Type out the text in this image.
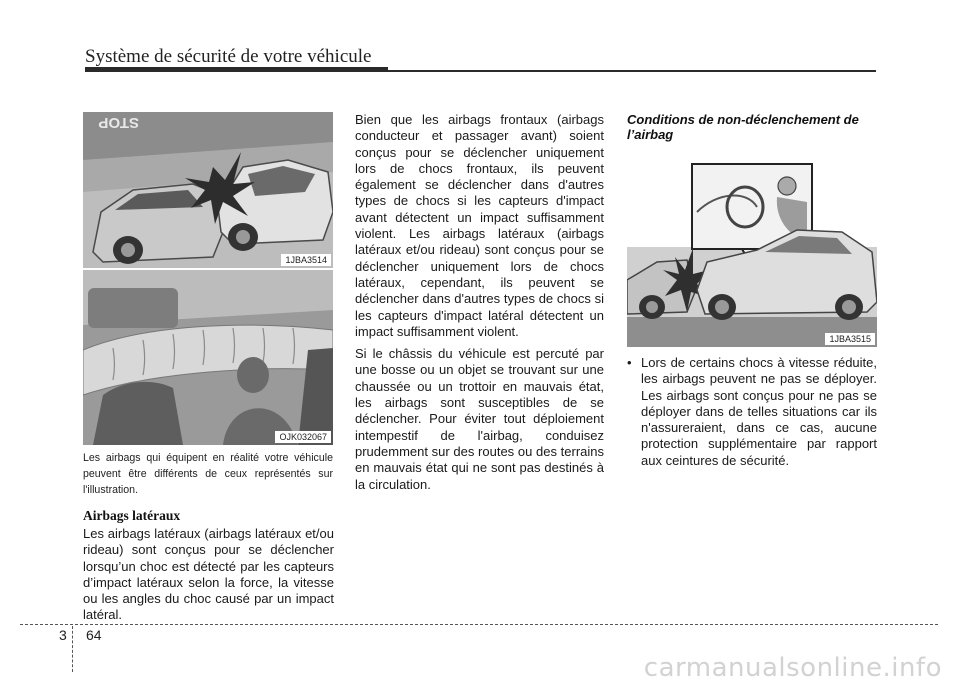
Système de sécurité de votre véhicule
STOP
1JBA3514
OJK032067
Les airbags qui équipent en réalité votre véhicule peuvent être différents de ceux représentés sur l'illustration.
Airbags latéraux

Les airbags latéraux (airbags latéraux et/ou rideau) sont conçus pour se déclencher lorsqu’un choc est détecté par les capteurs d’impact latéraux selon la force, la vitesse ou les angles du choc causé par un impact latéral.

Bien que les airbags frontaux (airbags conducteur et passager avant) soient conçus pour se déclencher uniquement lors de chocs frontaux, ils peuvent également se déclencher dans d'autres types de chocs si les capteurs d'impact avant détectent un impact suffisamment violent. Les airbags latéraux (airbags latéraux et/ou rideau) sont conçus pour se déclencher uniquement lors de chocs latéraux, cependant, ils peuvent se déclencher dans d'autres types de chocs si les capteurs d'impact latéral détectent un impact suffisamment violent.

Si le châssis du véhicule est percuté par une bosse ou un objet se trouvant sur une chaussée ou un trottoir en mauvais état, les airbags sont susceptibles de se déclencher. Pour éviter tout déploiement intempestif de l'airbag, conduisez prudemment sur des routes ou des terrains en mauvais état qui ne sont pas destinés à la circulation.

Conditions de non-déclenchement de l’airbag
1JBA3515
• Lors de certains chocs à vitesse réduite, les airbags peuvent ne pas se déployer. Les airbags sont conçus pour ne pas se déployer dans de telles situations car ils n'assureraient, dans ce cas, aucune protection supplémentaire par rapport aux ceintures de sécurité.
3 64
carmanualsonline.info
